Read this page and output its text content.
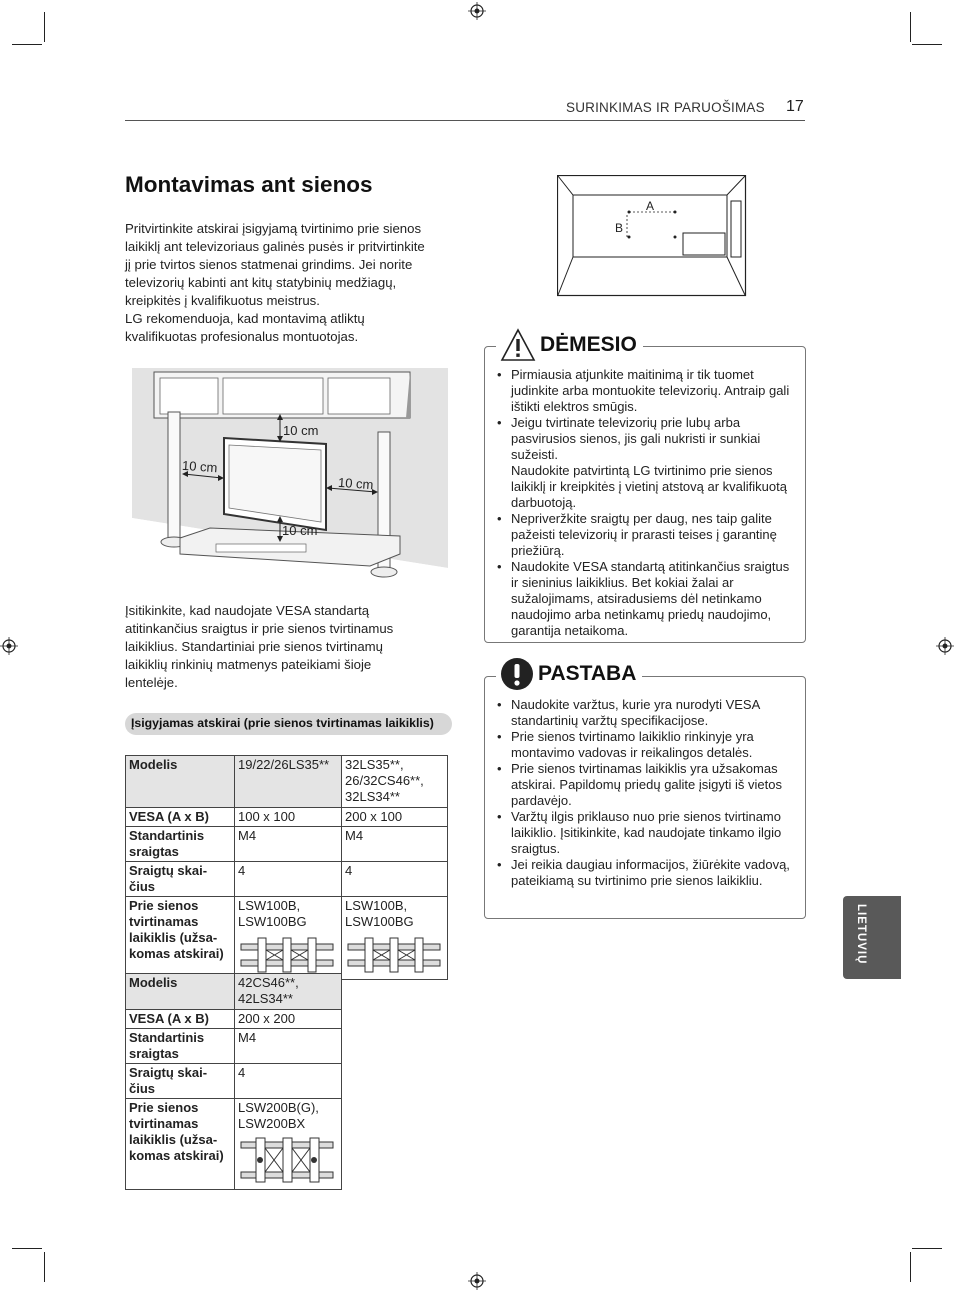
SURINKIMAS IR PARUOŠIMAS 17
Montavimas ant sienos

Pritvirtinkite atskirai įsigyjamą tvirtinimo prie sienos laikiklį ant televizoriaus galinės pusės ir pritvirtinkite jį prie tvirtos sienos statmenai grindims. Jei norite televizorių kabinti ant kitų statybinių medžiagų, kreipkitės į kvalifikuotus meistrus.

LG rekomenduoja, kad montavimą atliktų kvalifikuotas profesionalus montuotojas.

10 cm
10 cm
10 cm
10 cm

Įsitikinkite, kad naudojate VESA standartą atitinkančius sraigtus ir prie sienos tvirtinamus laikiklius. Standartiniai prie sienos tvirtinamų laikiklių rinkinių matmenys pateikiami šioje lentelėje.

Įsigyjamas atskirai (prie sienos tvirtinamas laikiklis)
Modelis	19/22/26LS35**	32LS35**, 26/32CS46**, 32LS34**
VESA (A x B)	100 x 100	200 x 100
Standartinis sraigtas	M4	M4
Sraigtų skai-čius	4	4
Prie sienos tvirtinamas laikiklis (užsa-komas atskirai)	LSW100B, LSW100BG	LSW100B, LSW100BG
Modelis	42CS46**, 42LS34**
VESA (A x B)	200 x 200
Standartinis sraigtas	M4
Sraigtų skai-čius	4
Prie sienos tvirtinamas laikiklis (užsa-komas atskirai)	LSW200B(G), LSW200BX
A
B
DĖMESIO
• Pirmiausia atjunkite maitinimą ir tik tuomet judinkite arba montuokite televizorių. Antraip gali ištikti elektros smūgis.
• Jeigu tvirtinate televizorių prie lubų arba pasvirusios sienos, jis gali nukristi ir sunkiai sužeisti.
Naudokite patvirtintą LG tvirtinimo prie sienos laikiklį ir kreipkitės į vietinį atstovą ar kvalifikuotą darbuotoją.
• Nepriveržkite sraigtų per daug, nes taip galite pažeisti televizorių ir prarasti teises į garantinę priežiūrą.
• Naudokite VESA standartą atitinkančius sraigtus ir sieninius laikiklius. Bet kokiai žalai ar sužalojimams, atsiradusiems dėl netinkamo naudojimo arba netinkamų priedų naudojimo, garantija netaikoma.
PASTABA
• Naudokite varžtus, kurie yra nurodyti VESA standartinių varžtų specifikacijose.
• Prie sienos tvirtinamo laikiklio rinkinyje yra montavimo vadovas ir reikalingos detalės.
• Prie sienos tvirtinamas laikiklis yra užsakomas atskirai. Papildomų priedų galite įsigyti iš vietos pardavėjo.
• Varžtų ilgis priklauso nuo prie sienos tvirtinamo laikiklio. Įsitikinkite, kad naudojate tinkamo ilgio sraigtus.
• Jei reikia daugiau informacijos, žiūrėkite vadovą, pateikiamą su tvirtinimo prie sienos laikikliu.
LIETUVIŲ
